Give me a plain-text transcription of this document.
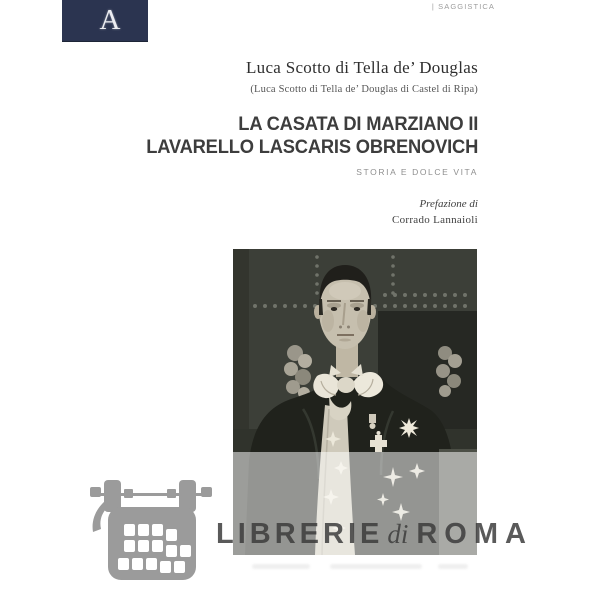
A	| SAGGISTICA
Luca Scotto di Tella de’ Douglas
(Luca Scotto di Tella de’ Douglas di Castel di Ripa)
LA CASATA DI MARZIANO II
LAVARELLO LASCARIS OBRENOVICH
STORIA E DOLCE VITA
Prefazione di
Corrado Lannaioli
LIBRERIE di ROMA
